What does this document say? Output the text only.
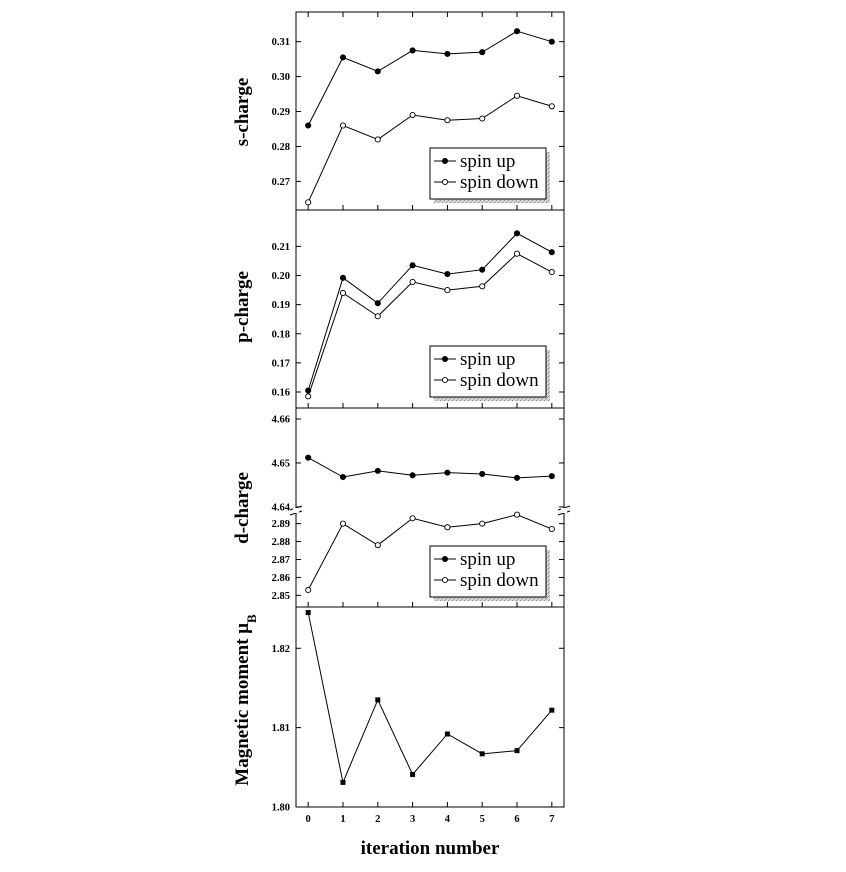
s-charge
p-charge
d-charge
Magnetic moment $\mu_B$
iteration number
0.27
0.28
0.29
0.30
0.31
spin up
spin down
0.16
0.17
0.18
0.19
0.20
0.21
spin up
spin down
4.64
4.65
4.66
2.85
2.86
2.87
2.88
2.89
spin up
spin down
1.80
1.81
1.82
0	1	2	3	4	5	6	7
